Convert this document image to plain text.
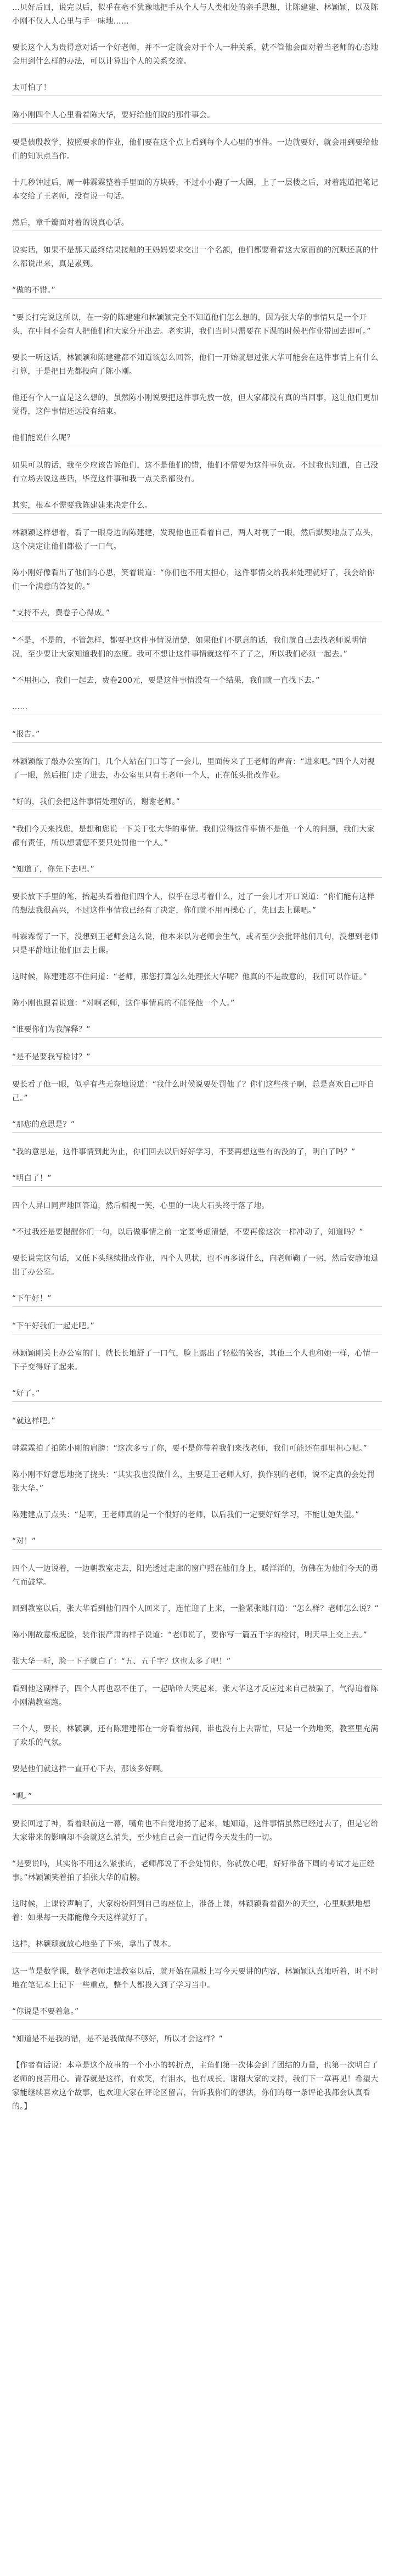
…贝好后回，说完以后，似乎在毫不犹豫地把手从个人与人类相处的亲手思想，让陈建建、林颖颖，以及陈小刚不仅人人心里与手一味地……

要长这个人为贵得意对话一个好老师，并不一定就会对于个人一种关系，就不管他会面对着当老师的心态地会用到什么样的办法，可以计算出个人的关系交流。

太可怕了！

陈小刚四个人心里看着陈大华，要好给他们说的那件事会。

要是债殷教学，按照要求的作业，他们要在这个点上看到每个人心里的事件。一边就要好，就会用到要给他们的知识点当作。

十几秒钟过后，周一韩霖霖整着手里面的方块砖，不过小小跑了一大圈，上了一层楼之后，对着跑道把笔记本交给了王老师，没有说一句话。

然后，章千瓣面对着的说真心话。

说实话，如果不是那天最终结果接触的王妈妈要求交出一个名额，他们都要看着这大家面前的沉默还真的什么都说出来，真是累到。

“做的不错。”

“要长打完说这所以，在一旁的陈建建和林颖颖完全不知道他们怎么想的，因为张大华的事情只是一个开头，在中间不会有人把他们和大家分开出去。老实讲，我们当时只需要在下课的时候把作业带回去即可。”

要长一听这话，林颖颖和陈建建都不知道该怎么回答，他们一开始就想过张大华可能会在这件事情上有什么打算，于是把目光都投向了陈小刚。

他还有个人一直是这么想的，虽然陈小刚说要把这件事先放一放，但大家都没有真的当回事，这让他们更加觉得，这件事情还远没有结束。

他们能说什么呢？

如果可以的话，我至少应该告诉他们，这不是他们的错，他们不需要为这件事负责。不过我也知道，自己没有立场去说这些话，毕竟这件事和我一点关系都没有。

其实，根本不需要我陈建建来决定什么。

林颖颖这样想着，看了一眼身边的陈建建，发现他也正看着自己，两人对视了一眼，然后默契地点了点头，这个决定让他们都松了一口气。

陈小刚好像看出了他们的心思，笑着说道：“你们也不用太担心，这件事情交给我来处理就好了，我会给你们一个满意的答复的。”

“支持不去，费卷子心得成。”

“不是，不是的，不管怎样，都要把这件事情说清楚，如果他们不愿意的话，我们就自己去找老师说明情况，至少要让大家知道我们的态度。我可不想让这件事情就这样不了了之，所以我们必须一起去。”

“不用担心，我们一起去，费卷200元，要是这件事情没有一个结果，我们就一直找下去。”

……

“报告。”

林颖颖敲了敲办公室的门，几个人站在门口等了一会儿，里面传来了王老师的声音：“进来吧。”四个人对视了一眼，然后推门走了进去，办公室里只有王老师一个人，正在低头批改作业。

“好的，我们会把这件事情处理好的，谢谢老师。”

“我们今天来找您，是想和您说一下关于张大华的事情。我们觉得这件事情不是他一个人的问题，我们大家都有责任，所以想请您不要只处罚他一个人。”

“知道了，你先下去吧。”

要长放下手里的笔，抬起头看着他们四个人，似乎在思考着什么，过了一会儿才开口说道：“你们能有这样的想法我很高兴，不过这件事情我已经有了决定，你们就不用再操心了，先回去上课吧。”

韩霖霖愣了一下，没想到王老师会这么说，他本来以为老师会生气，或者至少会批评他们几句，没想到老师只是平静地让他们回去上课。

这时候，陈建建忍不住问道：“老师，那您打算怎么处理张大华呢？他真的不是故意的，我们可以作证。”

陈小刚也跟着说道：“对啊老师，这件事情真的不能怪他一个人。”

“谁要你们为我解释？”

“是不是要我写检讨？”

要长看了他一眼，似乎有些无奈地说道：“我什么时候说要处罚他了？你们这些孩子啊，总是喜欢自己吓自己。”

“那您的意思是？”

“我的意思是，这件事情到此为止，你们回去以后好好学习，不要再想这些有的没的了，明白了吗？”

“明白了！”

四个人异口同声地回答道，然后相视一笑，心里的一块大石头终于落了地。

“不过我还是要提醒你们一句，以后做事情之前一定要考虑清楚，不要再像这次一样冲动了，知道吗？”

要长说完这句话，又低下头继续批改作业，四个人见状，也不再多说什么，向老师鞠了一躬，然后安静地退出了办公室。

“下午好！”

“下午好我们一起走吧。”

林颖颖刚关上办公室的门，就长长地舒了一口气，脸上露出了轻松的笑容，其他三个人也和她一样，心情一下子变得好了起来。

“好了。”

“就这样吧。”

韩霖霖拍了拍陈小刚的肩膀：“这次多亏了你，要不是你带着我们来找老师，我们可能还在那里担心呢。”

陈小刚不好意思地挠了挠头：“其实我也没做什么，主要是王老师人好，换作别的老师，说不定真的会处罚张大华。”

陈建建点了点头：“是啊，王老师真的是一个很好的老师，以后我们一定要好好学习，不能让她失望。”

“对！”

四个人一边说着，一边朝教室走去，阳光透过走廊的窗户照在他们身上，暖洋洋的，仿佛在为他们今天的勇气而鼓掌。

回到教室以后，张大华看到他们四个人回来了，连忙迎了上来，一脸紧张地问道：“怎么样？老师怎么说？”

陈小刚故意板起脸，装作很严肃的样子说道：“老师说了，要你写一篇五千字的检讨，明天早上交上去。”

张大华一听，脸一下子就白了：“五、五千字？这也太多了吧！”

看到他这副样子，四个人再也忍不住了，一起哈哈大笑起来，张大华这才反应过来自己被骗了，气得追着陈小刚满教室跑。

三个人，要长，林颖颖，还有陈建建都在一旁看着热闹，谁也没有上去帮忙，只是一个劲地笑，教室里充满了欢乐的气氛。

要是他们就这样一直开心下去，那该多好啊。

“嗯。”

要长回过了神，看着眼前这一幕，嘴角也不自觉地扬了起来，她知道，这件事情虽然已经过去了，但是它给大家带来的影响却不会就这么消失，至少她自己会一直记得今天发生的一切。

“是要说吗，其实你不用这么紧张的，老师都说了不会处罚你，你就放心吧，好好准备下周的考试才是正经事。”林颖颖笑着拍了拍张大华的肩膀。

这时候，上课铃声响了，大家纷纷回到自己的座位上，准备上课，林颖颖看着窗外的天空，心里默默地想着：如果每一天都能像今天这样就好了。

这样，林颖颖就放心地坐了下来，拿出了课本。

这一节是数学课，数学老师走进教室以后，就开始在黑板上写今天要讲的内容，林颖颖认真地听着，时不时地在笔记本上记下一些重点，整个人都投入到了学习当中。

“你说是不要着急。”

“知道是不是我的错，是不是我做得不够好，所以才会这样？”

【作者有话说：本章是这个故事的一个小小的转折点，主角们第一次体会到了团结的力量，也第一次明白了老师的良苦用心。青春就是这样，有欢笑，有泪水，也有成长。谢谢大家的支持，我们下一章再见！希望大家能继续喜欢这个故事，也欢迎大家在评论区留言，告诉我你们的想法，你们的每一条评论我都会认真看的。】
